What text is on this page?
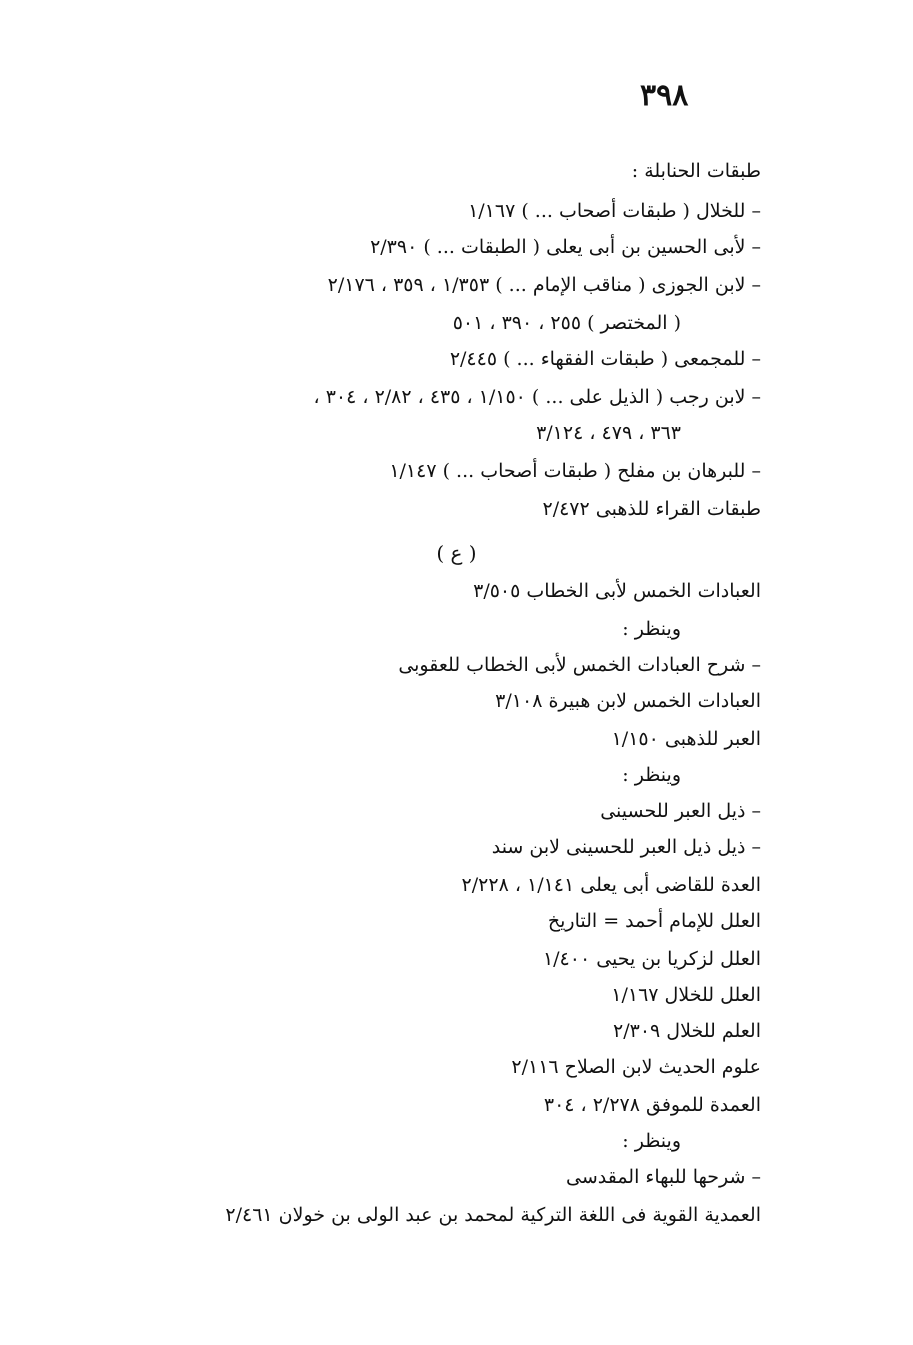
٣٩٨
( ع )
طبقات الحنابلة :
– للخلال ( طبقات أصحاب ... ) ١/١٦٧
– لأبى الحسين بن أبى يعلى ( الطبقات ... ) ٢/٣٩٠
– لابن الجوزى ( مناقب الإمام ... ) ١/٣٥٣ ، ٣٥٩ ، ٢/١٧٦
( المختصر ) ٢٥٥ ، ٣٩٠ ، ٥٠١
– للمجمعى ( طبقات الفقهاء ... ) ٢/٤٤٥
– لابن رجب ( الذيل على ... ) ١/١٥٠ ، ٤٣٥ ، ٢/٨٢ ، ٣٠٤ ،
٣٦٣ ، ٤٧٩ ، ٣/١٢٤
– للبرهان بن مفلح ( طبقات أصحاب ... ) ١/١٤٧
طبقات القراء للذهبى ٢/٤٧٢
العبادات الخمس لأبى الخطاب ٣/٥٠٥
وينظر :
– شرح العبادات الخمس لأبى الخطاب للعقوبى
العبادات الخمس لابن هبيرة ٣/١٠٨
العبر للذهبى ١/١٥٠
وينظر :
– ذيل العبر للحسينى
– ذيل ذيل العبر للحسينى لابن سند
العدة للقاضى أبى يعلى ١/١٤١ ، ٢/٢٢٨
العلل للإمام أحمد = التاريخ
العلل لزكريا بن يحيى ١/٤٠٠
العلل للخلال ١/١٦٧
العلم للخلال ٢/٣٠٩
علوم الحديث لابن الصلاح ٢/١١٦
العمدة للموفق ٢/٢٧٨ ، ٣٠٤
وينظر :
– شرحها للبهاء المقدسى
العمدية القوية فى اللغة التركية لمحمد بن عبد الولى بن خولان ٢/٤٦١
